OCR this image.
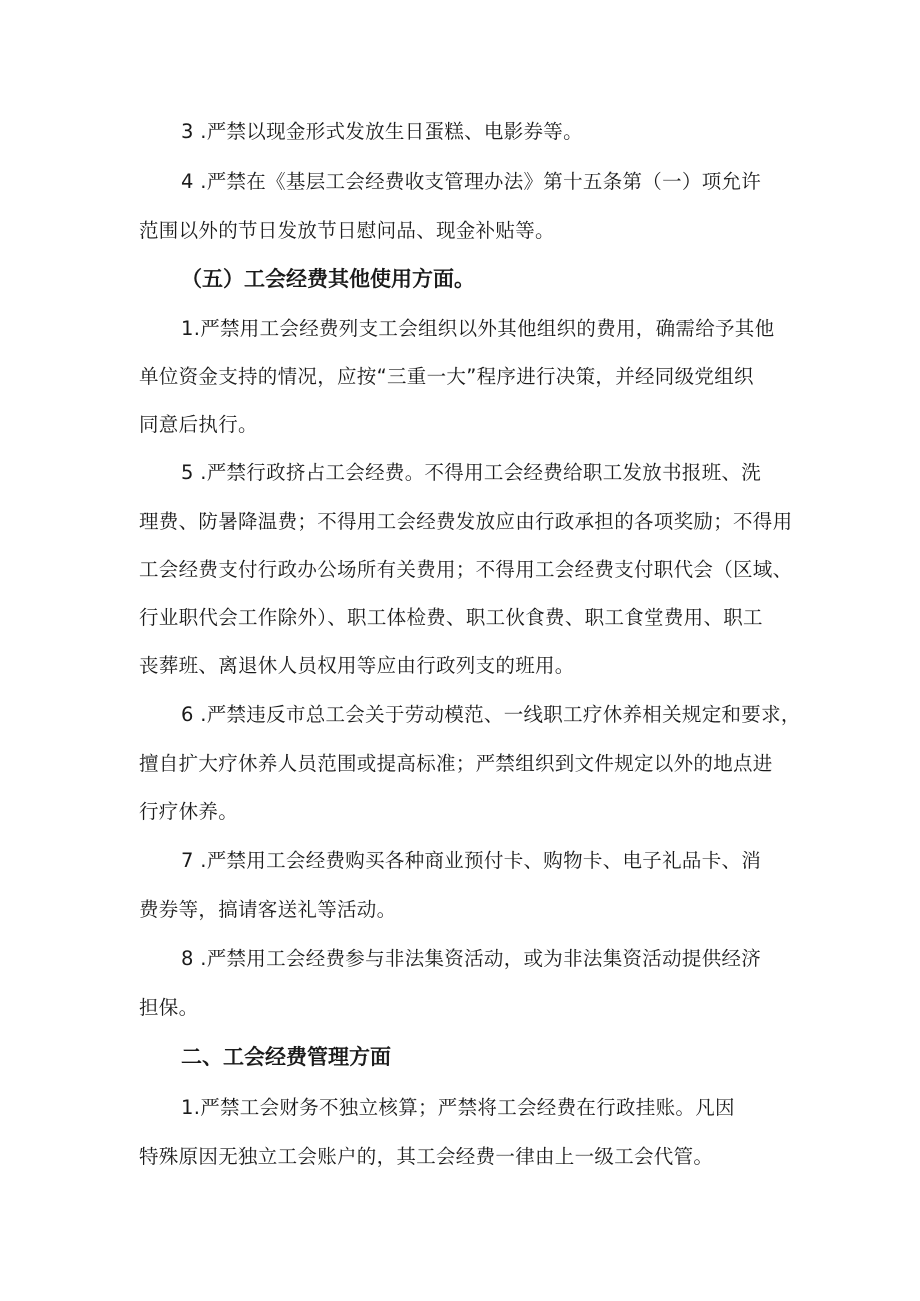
3 .严禁以现金形式发放生日蛋糕、电影券等。
4 .严禁在《基层工会经费收支管理办法》第十五条第（一）项允许
范围以外的节日发放节日慰问品、现金补贴等。
（五）工会经费其他使用方面。
1.严禁用工会经费列支工会组织以外其他组织的费用，确需给予其他
单位资金支持的情况，应按“三重一大”程序进行决策，并经同级党组织
同意后执行。
5 .严禁行政挤占工会经费。不得用工会经费给职工发放书报班、洗
理费、防暑降温费；不得用工会经费发放应由行政承担的各项奖励；不得用
工会经费支付行政办公场所有关费用；不得用工会经费支付职代会（区域、
行业职代会工作除外）、职工体检费、职工伙食费、职工食堂费用、职工
丧葬班、离退休人员权用等应由行政列支的班用。
6 .严禁违反市总工会关于劳动模范、一线职工疗休养相关规定和要求，
擅自扩大疗休养人员范围或提高标准；严禁组织到文件规定以外的地点进
行疗休养。
7 .严禁用工会经费购买各种商业预付卡、购物卡、电子礼品卡、消
费券等，搞请客送礼等活动。
8 .严禁用工会经费参与非法集资活动，或为非法集资活动提供经济
担保。
二、工会经费管理方面
1.严禁工会财务不独立核算；严禁将工会经费在行政挂账。凡因
特殊原因无独立工会账户的，其工会经费一律由上一级工会代管。
